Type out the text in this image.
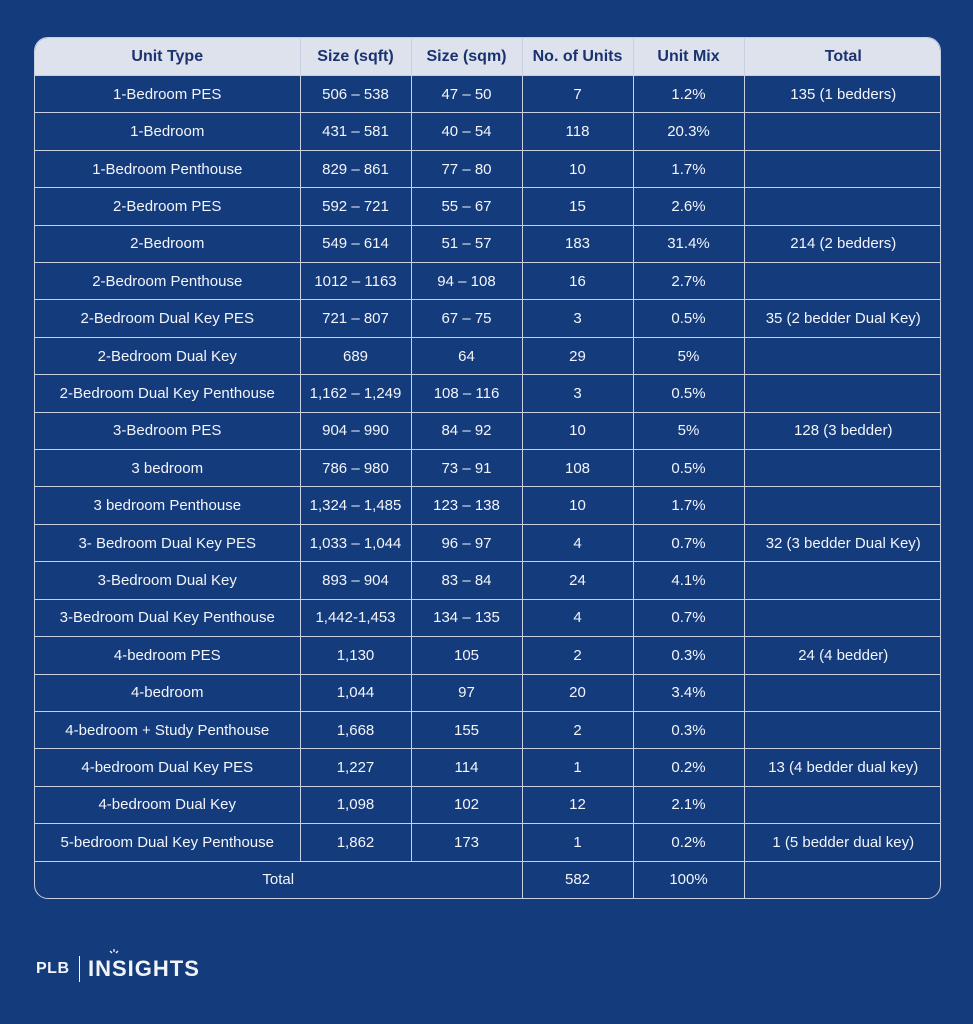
Unit Type	Size (sqft)	Size (sqm)	No. of Units	Unit Mix	Total
1-Bedroom PES	506 – 538	47 – 50	7	1.2%	135 (1 bedders)
1-Bedroom	431 – 581	40 – 54	118	20.3%	
1-Bedroom Penthouse	829 – 861	77 – 80	10	1.7%	
2-Bedroom PES	592 – 721	55 – 67	15	2.6%	
2-Bedroom	549 – 614	51 – 57	183	31.4%	214 (2 bedders)
2-Bedroom Penthouse	1012 – 1163	94 – 108	16	2.7%	
2-Bedroom Dual Key PES	721 – 807	67 – 75	3	0.5%	35 (2 bedder Dual Key)
2-Bedroom Dual Key	689	64	29	5%	
2-Bedroom Dual Key Penthouse	1,162 – 1,249	108 – 116	3	0.5%	
3-Bedroom PES	904 – 990	84 – 92	10	5%	128 (3 bedder)
3 bedroom	786 – 980	73 – 91	108	0.5%	
3 bedroom Penthouse	1,324 – 1,485	123 – 138	10	1.7%	
3- Bedroom Dual Key PES	1,033 – 1,044	96 – 97	4	0.7%	32 (3 bedder Dual Key)
3-Bedroom Dual Key	893 – 904	83 – 84	24	4.1%	
3-Bedroom Dual Key Penthouse	1,442-1,453	134 – 135	4	0.7%	
4-bedroom PES	1,130	105	2	0.3%	24 (4 bedder)
4-bedroom	1,044	97	20	3.4%	
4-bedroom + Study Penthouse	1,668	155	2	0.3%	
4-bedroom Dual Key PES	1,227	114	1	0.2%	13 (4 bedder dual key)
4-bedroom Dual Key	1,098	102	12	2.1%	
5-bedroom Dual Key Penthouse	1,862	173	1	0.2%	1 (5 bedder dual key)
Total			582	100%	
PLB INSIGHTS
